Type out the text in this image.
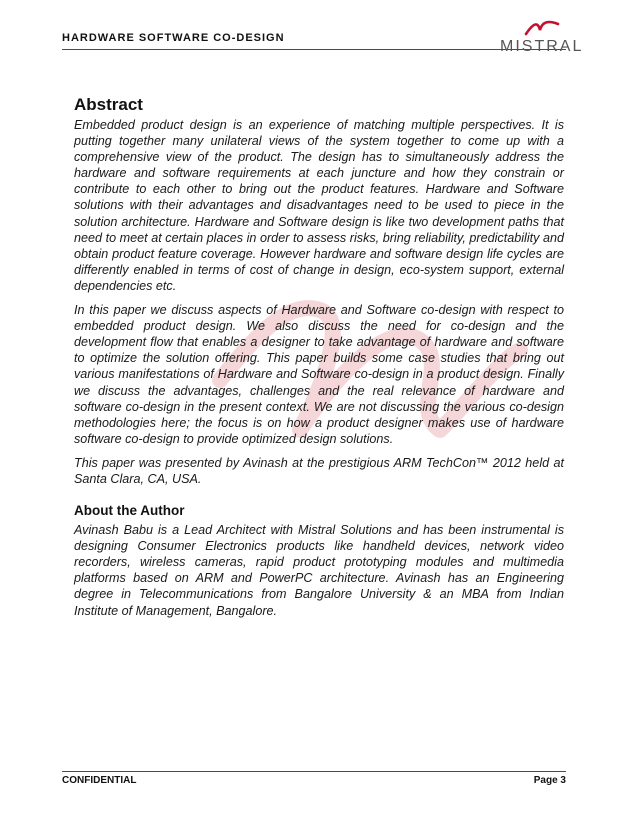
HARDWARE SOFTWARE CO-DESIGN	MISTRAL
Abstract

Embedded product design is an experience of matching multiple perspectives. It is putting together many unilateral views of the system together to come up with a comprehensive view of the product. The design has to simultaneously address the hardware and software requirements at each juncture and how they constrain or contribute to each other to bring out the product features. Hardware and Software solutions with their advantages and disadvantages need to be used to piece in the solution architecture. Hardware and Software design is like two development paths that need to meet at certain places in order to assess risks, bring reliability, predictability and obtain product feature coverage. However hardware and software design life cycles are differently enabled in terms of cost of change in design, eco-system support, external dependencies etc.

In this paper we discuss aspects of Hardware and Software co-design with respect to embedded product design. We also discuss the need for co-design and the development flow that enables a designer to take advantage of hardware and software to optimize the solution offering. This paper builds some case studies that bring out various manifestations of Hardware and Software co-design in a product design. Finally we discuss the advantages, challenges and the real relevance of hardware and software co-design in the present context. We are not discussing the various co-design methodologies here; the focus is on how a product designer makes use of hardware software co-design to provide optimized design solutions.

This paper was presented by Avinash at the prestigious ARM TechCon™ 2012 held at Santa Clara, CA, USA.

About the Author

Avinash Babu is a Lead Architect with Mistral Solutions and has been instrumental is designing Consumer Electronics products like handheld devices, network video recorders, wireless cameras, rapid product prototyping modules and multimedia platforms based on ARM and PowerPC architecture. Avinash has an Engineering degree in Telecommunications from Bangalore University & an MBA from Indian Institute of Management, Bangalore.

CONFIDENTIAL	Page 3
